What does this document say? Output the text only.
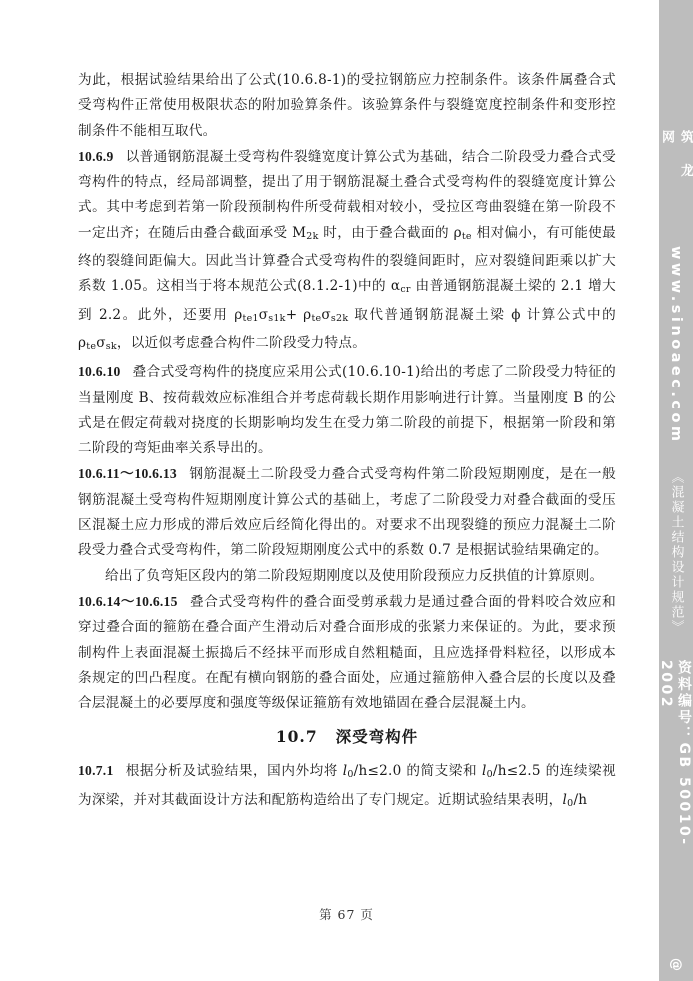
为此，根据试验结果给出了公式(10.6.8-1)的受拉钢筋应力控制条件。该条件属叠合式受弯构件正常使用极限状态的附加验算条件。该验算条件与裂缝宽度控制条件和变形控制条件不能相互取代。

10.6.9 以普通钢筋混凝土受弯构件裂缝宽度计算公式为基础，结合二阶段受力叠合式受弯构件的特点，经局部调整，提出了用于钢筋混凝土叠合式受弯构件的裂缝宽度计算公式。其中考虑到若第一阶段预制构件所受荷载相对较小，受拉区弯曲裂缝在第一阶段不一定出齐；在随后由叠合截面承受 $M_{2k}$ 时，由于叠合截面的 $\rho_{te}$ 相对偏小，有可能使最终的裂缝间距偏大。因此当计算叠合式受弯构件的裂缝间距时，应对裂缝间距乘以扩大系数 1.05。这相当于将本规范公式(8.1.2-1)中的 $\alpha_{cr}$ 由普通钢筋混凝土梁的 2.1 增大到 2.2。此外，还要用 $\rho_{te1}\sigma_{s1k}+ \rho_{te}\sigma_{s2k}$ 取代普通钢筋混凝土梁 ϕ 计算公式中的 $\rho_{te}\sigma_{sk}$，以近似考虑叠合构件二阶段受力特点。

10.6.10 叠合式受弯构件的挠度应采用公式(10.6.10-1)给出的考虑了二阶段受力特征的当量刚度 B、按荷载效应标准组合并考虑荷载长期作用影响进行计算。当量刚度 B 的公式是在假定荷载对挠度的长期影响均发生在受力第二阶段的前提下，根据第一阶段和第二阶段的弯矩曲率关系导出的。

10.6.11～10.6.13 钢筋混凝土二阶段受力叠合式受弯构件第二阶段短期刚度，是在一般钢筋混凝土受弯构件短期刚度计算公式的基础上，考虑了二阶段受力对叠合截面的受压区混凝土应力形成的滞后效应后经简化得出的。对要求不出现裂缝的预应力混凝土二阶段受力叠合式受弯构件，第二阶段短期刚度公式中的系数 0.7 是根据试验结果确定的。

给出了负弯矩区段内的第二阶段短期刚度以及使用阶段预应力反拱值的计算原则。

10.6.14～10.6.15 叠合式受弯构件的叠合面受剪承载力是通过叠合面的骨料咬合效应和穿过叠合面的箍筋在叠合面产生滑动后对叠合面形成的张紧力来保证的。为此，要求预制构件上表面混凝土振捣后不经抹平而形成自然粗糙面，且应选择骨料粒径，以形成本条规定的凹凸程度。在配有横向钢筋的叠合面处，应通过箍筋伸入叠合层的长度以及叠合层混凝土的必要厚度和强度等级保证箍筋有效地锚固在叠合层混凝土内。

10.7 深受弯构件

10.7.1 根据分析及试验结果，国内外均将 $l_0/h\le 2.0$ 的简支梁和 $l_0/h\le 2.5$ 的连续梁视为深梁，并对其截面设计方法和配筋构造给出了专门规定。近期试验结果表明，$l_0/h$

第 67 页
筑 龙 网
www.sinoaec.com
《混凝土结构设计规范》
资料编号：GB 50010-2002
@
